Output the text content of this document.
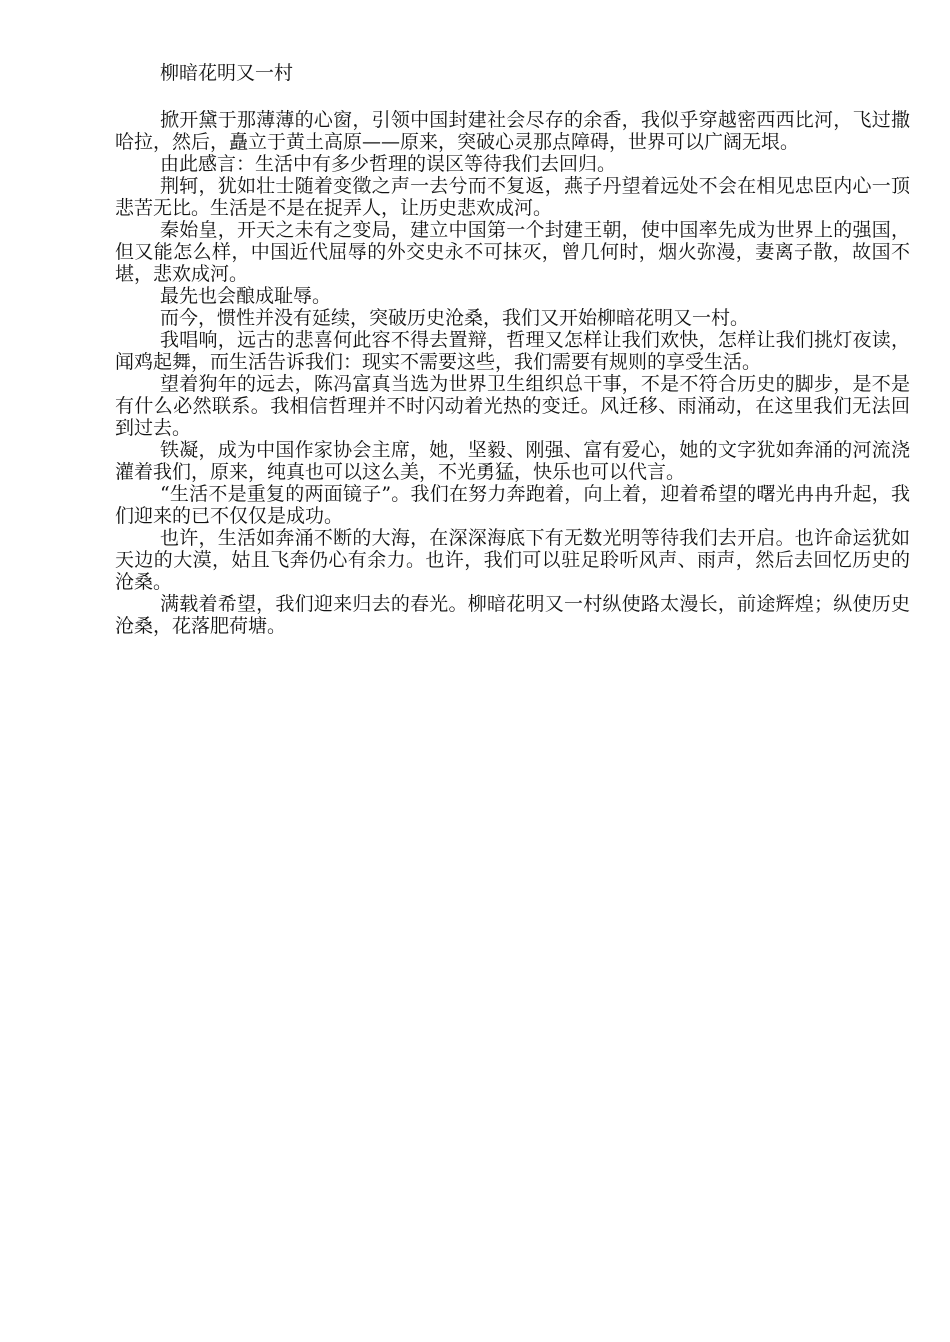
柳暗花明又一村

掀开黛于那薄薄的心窗，引领中国封建社会尽存的余香，我似乎穿越密西西比河，飞过撒哈拉，然后，矗立于黄土高原——原来，突破心灵那点障碍，世界可以广阔无垠。

由此感言：生活中有多少哲理的误区等待我们去回归。

荆轲，犹如壮士随着变徵之声一去兮而不复返，燕子丹望着远处不会在相见忠臣内心一顶悲苦无比。生活是不是在捉弄人，让历史悲欢成河。

秦始皇，开天之未有之变局，建立中国第一个封建王朝，使中国率先成为世界上的强国，但又能怎么样，中国近代屈辱的外交史永不可抹灭，曾几何时，烟火弥漫，妻离子散，故国不堪，悲欢成河。

最先也会酿成耻辱。

而今，惯性并没有延续，突破历史沧桑，我们又开始柳暗花明又一村。

我唱响，远古的悲喜何此容不得去置辩，哲理又怎样让我们欢快，怎样让我们挑灯夜读，闻鸡起舞，而生活告诉我们：现实不需要这些，我们需要有规则的享受生活。

望着狗年的远去，陈冯富真当选为世界卫生组织总干事，不是不符合历史的脚步，是不是有什么必然联系。我相信哲理并不时闪动着光热的变迁。风迁移、雨涌动，在这里我们无法回到过去。

铁凝，成为中国作家协会主席，她，坚毅、刚强、富有爱心，她的文字犹如奔涌的河流浇灌着我们，原来，纯真也可以这么美，不光勇猛，快乐也可以代言。

“生活不是重复的两面镜子”。我们在努力奔跑着，向上着，迎着希望的曙光冉冉升起，我们迎来的已不仅仅是成功。

也许，生活如奔涌不断的大海，在深深海底下有无数光明等待我们去开启。也许命运犹如天边的大漠，姑且飞奔仍心有余力。也许，我们可以驻足聆听风声、雨声，然后去回忆历史的沧桑。

满载着希望，我们迎来归去的春光。柳暗花明又一村纵使路太漫长，前途辉煌；纵使历史沧桑，花落肥荷塘。
